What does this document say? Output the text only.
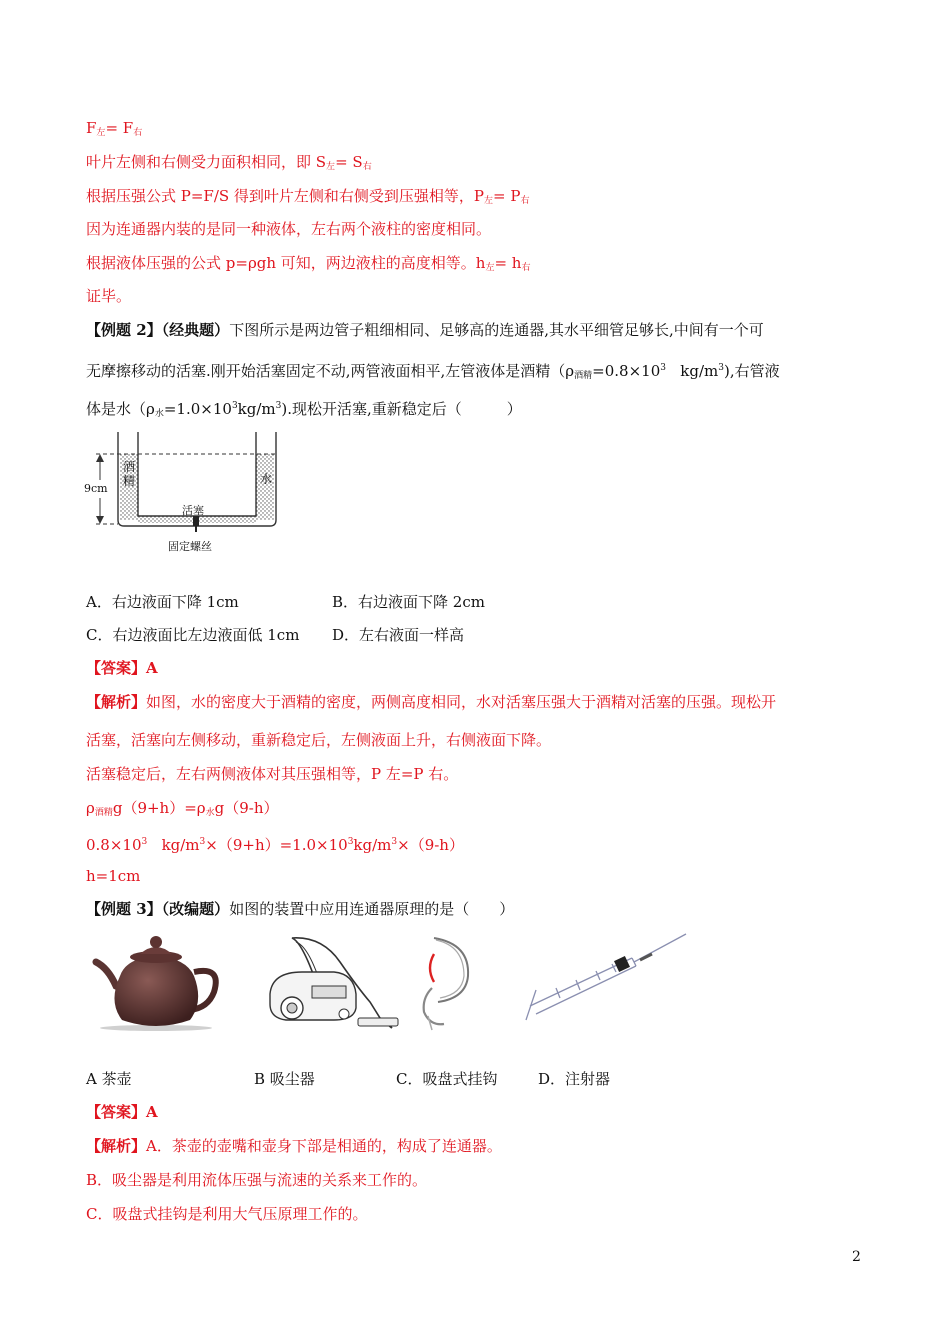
$F_左= F_右$
叶片左侧和右侧受力面积相同，即 $S_左= S_右$
根据压强公式 P=F/S 得到叶片左侧和右侧受到压强相等，$P_左= P_右$
因为连通器内装的是同一种液体，左右两个液柱的密度相同。
根据液体压强的公式 p=ρgh 可知，两边液柱的高度相等。$h_左= h_右$
证毕。
【例题 2】（经典题）下图所示是两边管子粗细相同、足够高的连通器,其水平细管足够长,中间有一个可
无摩擦移动的活塞.刚开始活塞固定不动,两管液面相平,左管液体是酒精（$\rho_{酒精}=0.8\times 10^3$ $kg/m^3$),右管液
体是水$(\rho_水=1.0\times 10^3kg/m^3)$.现松开活塞,重新稳定后（　　　）
酒精	水
9cm
活塞
固定螺丝
A．右边液面下降 1cm	B．右边液面下降 2cm
C．右边液面比左边液面低 1cm D．左右液面一样高
【答案】A
【解析】如图，水的密度大于酒精的密度，两侧高度相同，水对活塞压强大于酒精对活塞的压强。现松开
活塞，活塞向左侧移动，重新稳定后，左侧液面上升，右侧液面下降。
活塞稳定后，左右两侧液体对其压强相等，P 左=P 右。
$\rho_{酒精}g(9+h)=\rho_水g(9-h)$
$0.8\times 10^3$ $kg/m^3\times(9+h)=1.0\times 10^3kg/m^3\times(9-h)$
h=1cm
【例题 3】（改编题）如图的装置中应用连通器原理的是（　　）
A 茶壶	B 吸尘器	C．吸盘式挂钩	D．注射器
【答案】A
【解析】A．茶壶的壶嘴和壶身下部是相通的，构成了连通器。
B．吸尘器是利用流体压强与流速的关系来工作的。
C．吸盘式挂钩是利用大气压原理工作的。
2
